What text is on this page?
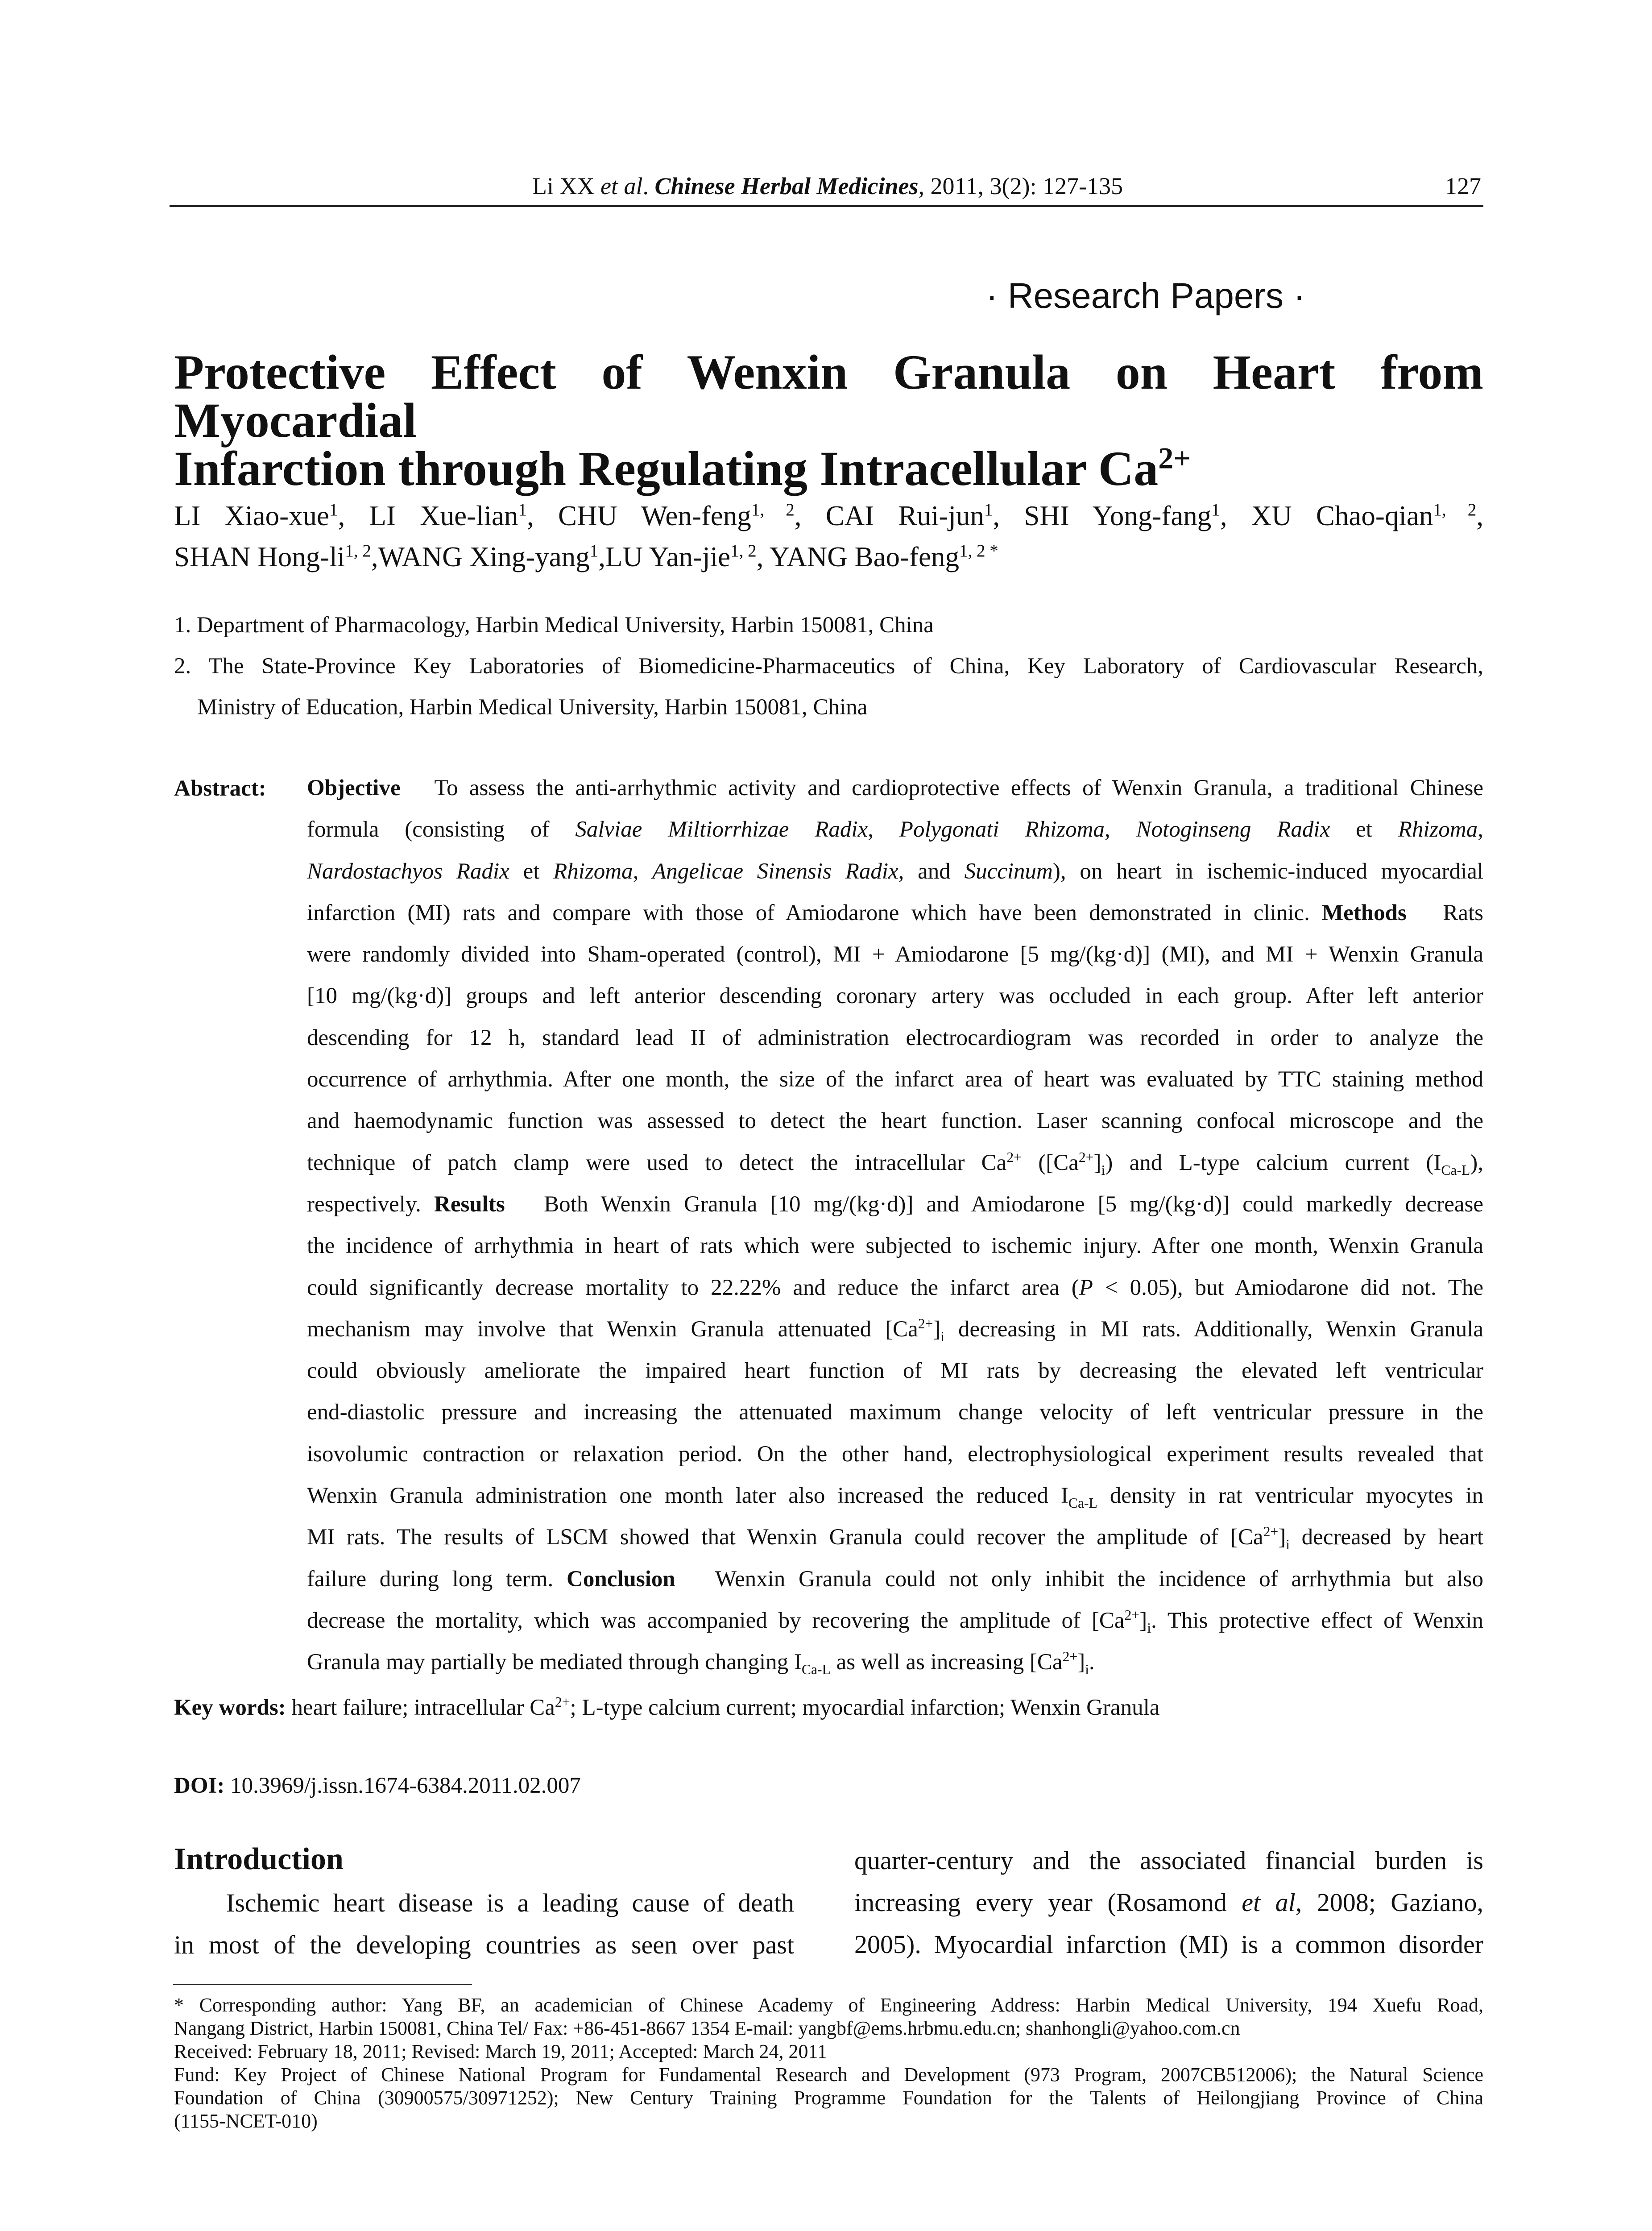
Li XX et al. Chinese Herbal Medicines, 2011, 3(2): 127-135	127
· Research Papers ·
Protective Effect of Wenxin Granula on Heart from Myocardial
Infarction through Regulating Intracellular $Ca^{2+}$
LI Xiao-xue$^1$, LI Xue-lian$^1$, CHU Wen-feng$^{1, 2}$, CAI Rui-jun$^1$, SHI Yong-fang$^1$, XU Chao-qian$^{1, 2}$,
SHAN Hong-li$^{1, 2}$,WANG Xing-yang$^1$,LU Yan-jie$^{1, 2}$, YANG Bao-feng$^{1, 2 *}$

1. Department of Pharmacology, Harbin Medical University, Harbin 150081, China

2. The State-Province Key Laboratories of Biomedicine-Pharmaceutics of China, Key Laboratory of Cardiovascular Research,

Ministry of Education, Harbin Medical University, Harbin 150081, China

Abstract: Objective To assess the anti-arrhythmic activity and cardioprotective effects of Wenxin Granula, a traditional Chinese

formula (consisting of Salviae Miltiorrhizae Radix, Polygonati Rhizoma, Notoginseng Radix et Rhizoma,

Nardostachyos Radix et Rhizoma, Angelicae Sinensis Radix, and Succinum), on heart in ischemic-induced myocardial

infarction (MI) rats and compare with those of Amiodarone which have been demonstrated in clinic. Methods Rats

were randomly divided into Sham-operated (control), MI + Amiodarone [5 mg/(kg·d)] (MI), and MI + Wenxin Granula

[10 mg/(kg·d)] groups and left anterior descending coronary artery was occluded in each group. After left anterior

descending for 12 h, standard lead II of administration electrocardiogram was recorded in order to analyze the

occurrence of arrhythmia. After one month, the size of the infarct area of heart was evaluated by TTC staining method

and haemodynamic function was assessed to detect the heart function. Laser scanning confocal microscope and the

technique of patch clamp were used to detect the intracellular $Ca^{2+}$ $([Ca^{2+}]_i)$ and L-type calcium current $(I_{Ca-L})$,

respectively. Results Both Wenxin Granula [10 mg/(kg·d)] and Amiodarone [5 mg/(kg·d)] could markedly decrease

the incidence of arrhythmia in heart of rats which were subjected to ischemic injury. After one month, Wenxin Granula

could significantly decrease mortality to 22.22% and reduce the infarct area (P < 0.05), but Amiodarone did not. The

mechanism may involve that Wenxin Granula attenuated $[Ca^{2+}]_i$ decreasing in MI rats. Additionally, Wenxin Granula

could obviously ameliorate the impaired heart function of MI rats by decreasing the elevated left ventricular

end-diastolic pressure and increasing the attenuated maximum change velocity of left ventricular pressure in the

isovolumic contraction or relaxation period. On the other hand, electrophysiological experiment results revealed that

Wenxin Granula administration one month later also increased the reduced $I_{Ca-L}$ density in rat ventricular myocytes in

MI rats. The results of LSCM showed that Wenxin Granula could recover the amplitude of $[Ca^{2+}]_i$ decreased by heart

failure during long term. Conclusion Wenxin Granula could not only inhibit the incidence of arrhythmia but also

decrease the mortality, which was accompanied by recovering the amplitude of $[Ca^{2+}]_i$. This protective effect of Wenxin

Granula may partially be mediated through changing $I_{Ca-L}$ as well as increasing $[Ca^{2+}]_i$.

Key words: heart failure; intracellular $Ca^{2+}$; L-type calcium current; myocardial infarction; Wenxin Granula
DOI: 10.3969/j.issn.1674-6384.2011.02.007
Introduction

Ischemic heart disease is a leading cause of death

in most of the developing countries as seen over past

quarter-century and the associated financial burden is

increasing every year (Rosamond et al, 2008; Gaziano,

2005). Myocardial infarction (MI) is a common disorder

* Corresponding author: Yang BF, an academician of Chinese Academy of Engineering Address: Harbin Medical University, 194 Xuefu Road,

Nangang District, Harbin 150081, China Tel/ Fax: +86-451-8667 1354 E-mail: yangbf@ems.hrbmu.edu.cn; shanhongli@yahoo.com.cn

Received: February 18, 2011; Revised: March 19, 2011; Accepted: March 24, 2011

Fund: Key Project of Chinese National Program for Fundamental Research and Development (973 Program, 2007CB512006); the Natural Science

Foundation of China (30900575/30971252); New Century Training Programme Foundation for the Talents of Heilongjiang Province of China

(1155-NCET-010)
